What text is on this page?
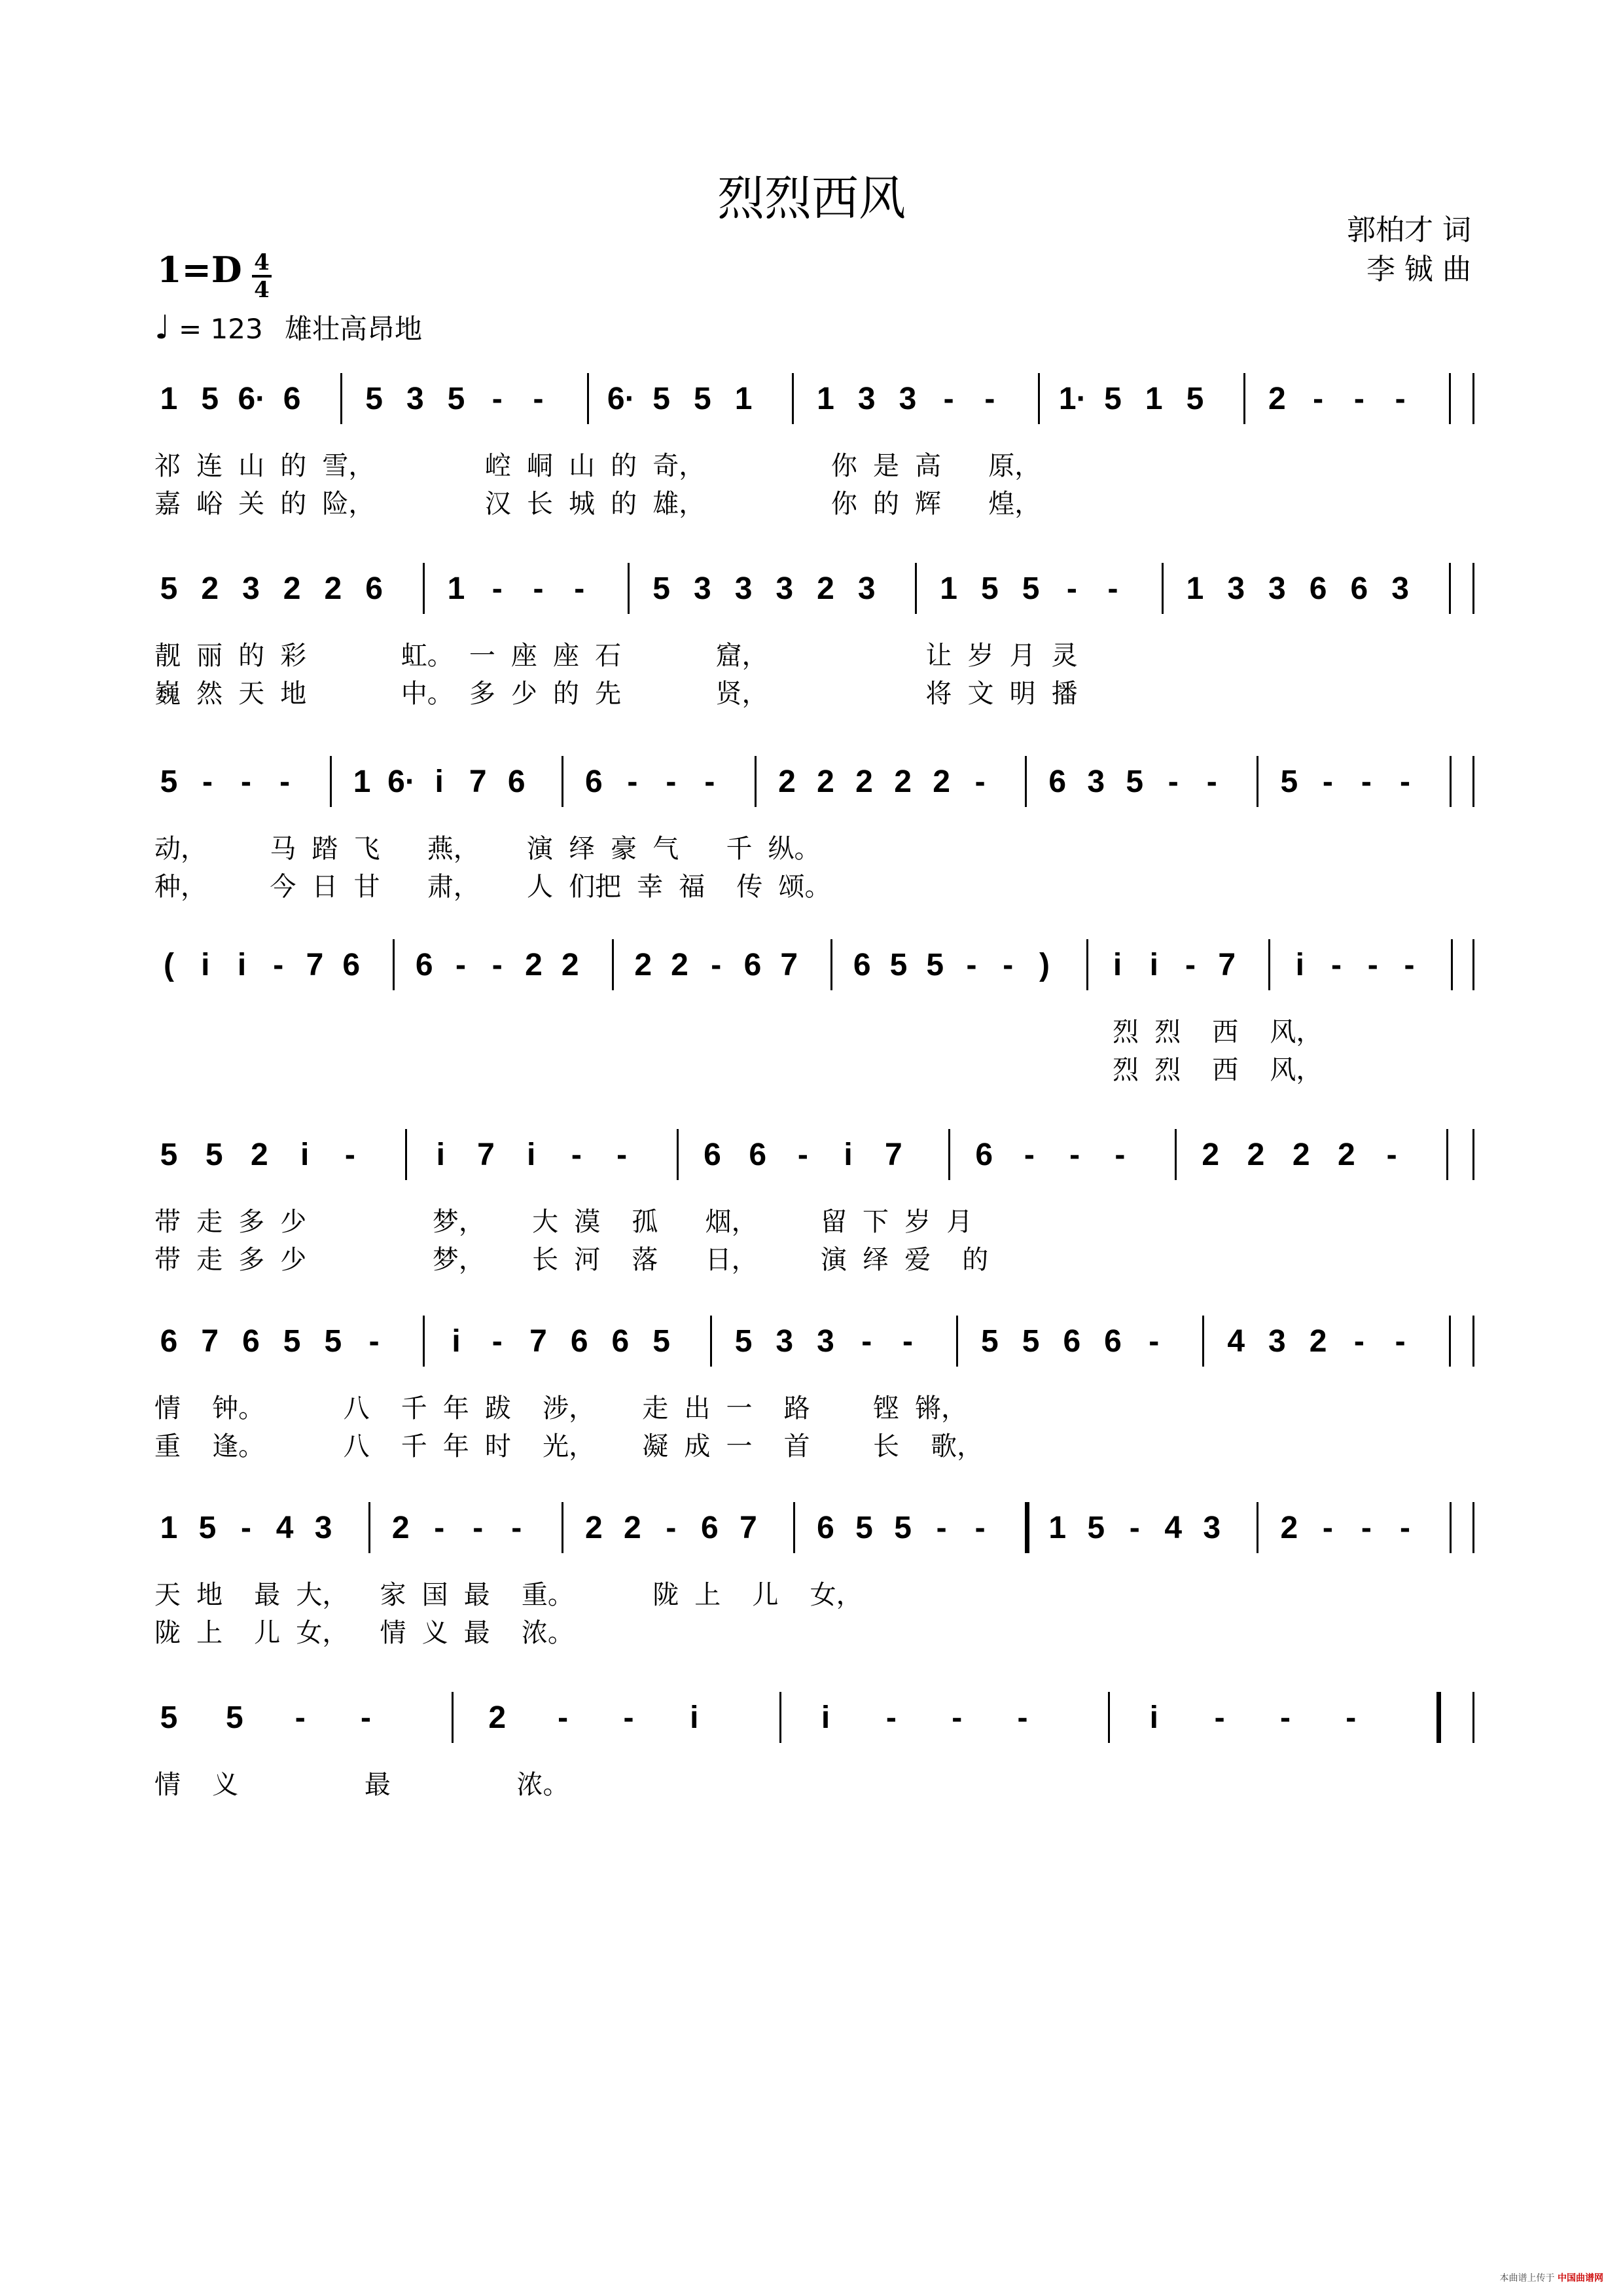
烈烈西风
郭柏才 词
李 铖 曲
1=D 4
4
♩ = 123 雄壮高昂地
1 5 6· 6 5 3 5 - - 6· 5 5 1 1 3 3 - - 1· 5 1 5 2 - - -
祁 连 山 的 雪，       崆 峒 山 的 奇，        你 是 高   原，
嘉 峪 关 的 险，       汉 长 城 的 雄，        你 的 辉   煌，
5 2 3 2 2 6 1 - - - 5 3 3 3 2 3 1 5 5 - - 1 3 3 6 6 3
靓 丽 的 彩      虹。 一 座 座 石      窟，          让 岁 月 灵
巍 然 天 地      中。 多 少 的 先      贤，          将 文 明 播
5 - - - 1 6· i 7 6 6 - - - 2 2 2 2 2 - 6 3 5 - - 5 - - -
动，    马 踏 飞   燕，   演 绎 豪 气   千 纵。
种，    今 日 甘   肃，   人 们把 幸 福  传 颂。
( i i - 7 6 6 - - 2 2 2 2 - 6 7 6 5 5 - - ) i i - 7 i - - -
烈 烈  西  风，
烈 烈  西  风，
5 5 2 i -	i 7 i - - 6 6 - i 7 6 - - - 2 2 2 2 -
带 走 多 少        梦，   大 漠  孤   烟，    留 下 岁 月
带 走 多 少        梦，   长 河  落   日，    演 绎 爱  的
6 7 6 5 5 - i - 7 6 6 5 5 3 3 - - 5 5 6 6 - 4 3 2 - -
情  钟。     八  千 年 跋  涉，   走 出 一  路    铿 锵，
重  逢。     八  千 年 时  光，   凝 成 一  首    长  歌，
1 5 - 4 3 2 - - - 2 2 - 6 7 6 5 5 - - 1 5 - 4 3 2 - - -
天 地  最 大，  家 国 最  重。     陇 上  儿  女，
陇 上  儿 女，  情 义 最  浓。
5 5 - -	2 - - i	i - - -	i - - -
情  义        最        浓。
本曲谱上传于 中国曲谱网
